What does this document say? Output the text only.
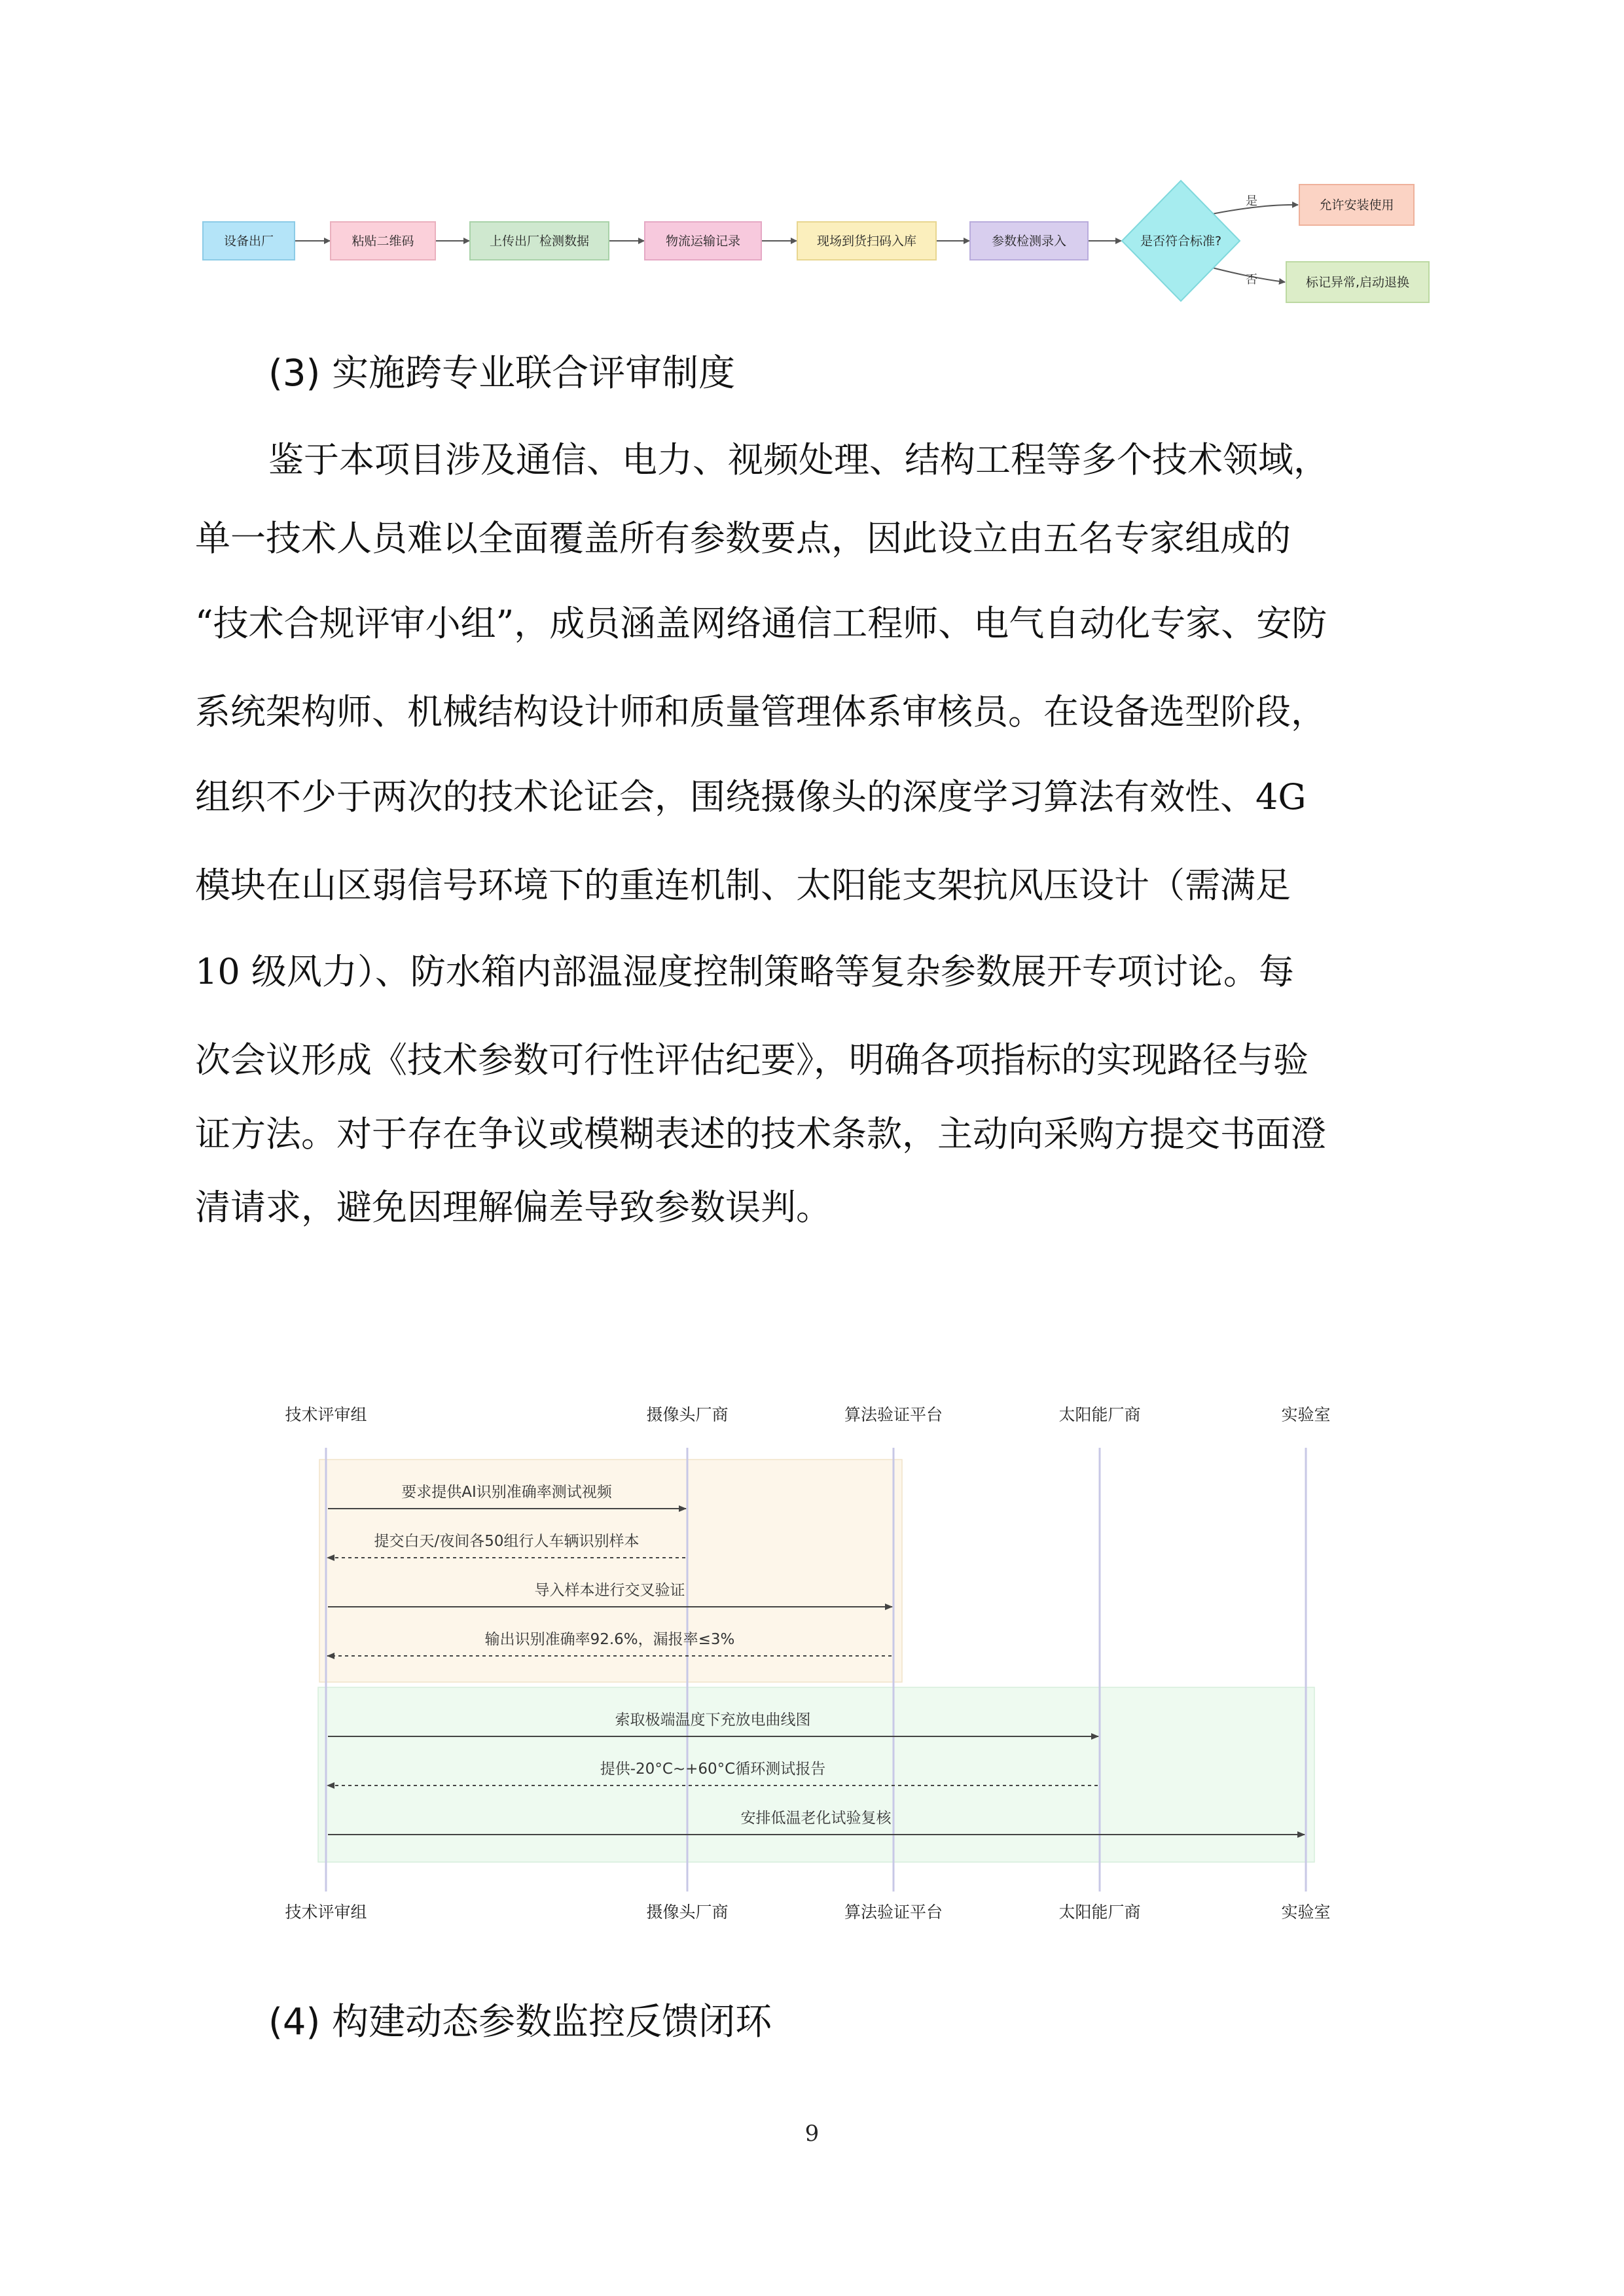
是
否
设备出厂	粘贴二维码	上传出厂检测数据	物流运输记录	现场到货扫码入库	参数检测录入
允许安装使用
标记异常,启动退换
是否符合标准?
(3) 实施跨专业联合评审制度
鉴于本项目涉及通信、电力、视频处理、结构工程等多个技术领域，
单一技术人员难以全面覆盖所有参数要点，因此设立由五名专家组成的
“技术合规评审小组”，成员涵盖网络通信工程师、电气自动化专家、安防
系统架构师、机械结构设计师和质量管理体系审核员。在设备选型阶段，
组织不少于两次的技术论证会，围绕摄像头的深度学习算法有效性、4G
模块在山区弱信号环境下的重连机制、太阳能支架抗风压设计（需满足
10 级风力）、防水箱内部温湿度控制策略等复杂参数展开专项讨论。每
次会议形成《技术参数可行性评估纪要》，明确各项指标的实现路径与验
证方法。对于存在争议或模糊表述的技术条款，主动向采购方提交书面澄
清请求，避免因理解偏差导致参数误判。
技术评审组
技术评审组
摄像头厂商
摄像头厂商
算法验证平台
算法验证平台
太阳能厂商
太阳能厂商
实验室
实验室
要求提供AI识别准确率测试视频
提交白天/夜间各50组行人车辆识别样本
导入样本进行交叉验证
输出识别准确率92.6%，漏报率≤3%
索取极端温度下充放电曲线图
提供-20°C~+60°C循环测试报告
安排低温老化试验复核
(4) 构建动态参数监控反馈闭环
9
